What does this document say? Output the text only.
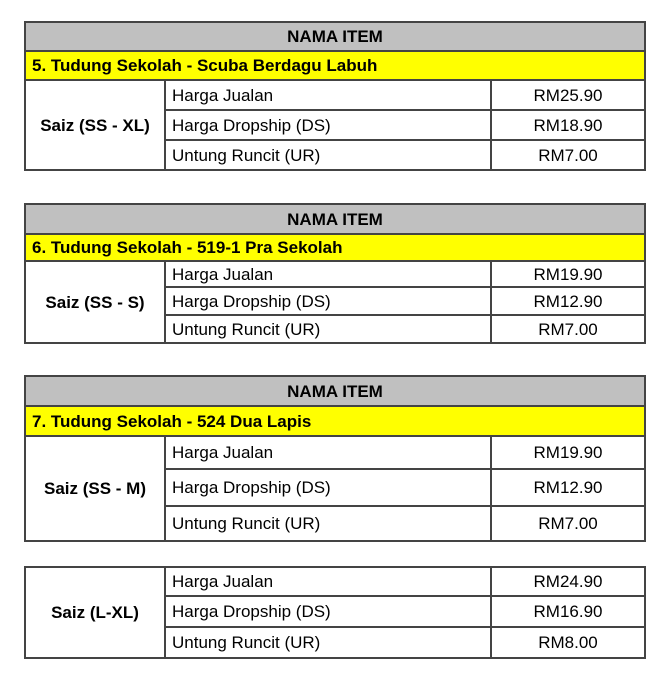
NAMA ITEM		
5. Tudung Sekolah - Scuba Berdagu Labuh		
Saiz (SS - XL)	Harga Jualan	RM25.90
	Harga Dropship (DS)	RM18.90
	Untung Runcit (UR)	RM7.00
NAMA ITEM		
6. Tudung Sekolah - 519-1 Pra Sekolah		
Saiz (SS - S)	Harga Jualan	RM19.90
	Harga Dropship (DS)	RM12.90
	Untung Runcit (UR)	RM7.00
NAMA ITEM		
7. Tudung Sekolah - 524 Dua Lapis		
Saiz (SS - M)	Harga Jualan	RM19.90
	Harga Dropship (DS)	RM12.90
	Untung Runcit (UR)	RM7.00
Saiz (L-XL)	Harga Jualan	RM24.90
	Harga Dropship (DS)	RM16.90
	Untung Runcit (UR)	RM8.00
